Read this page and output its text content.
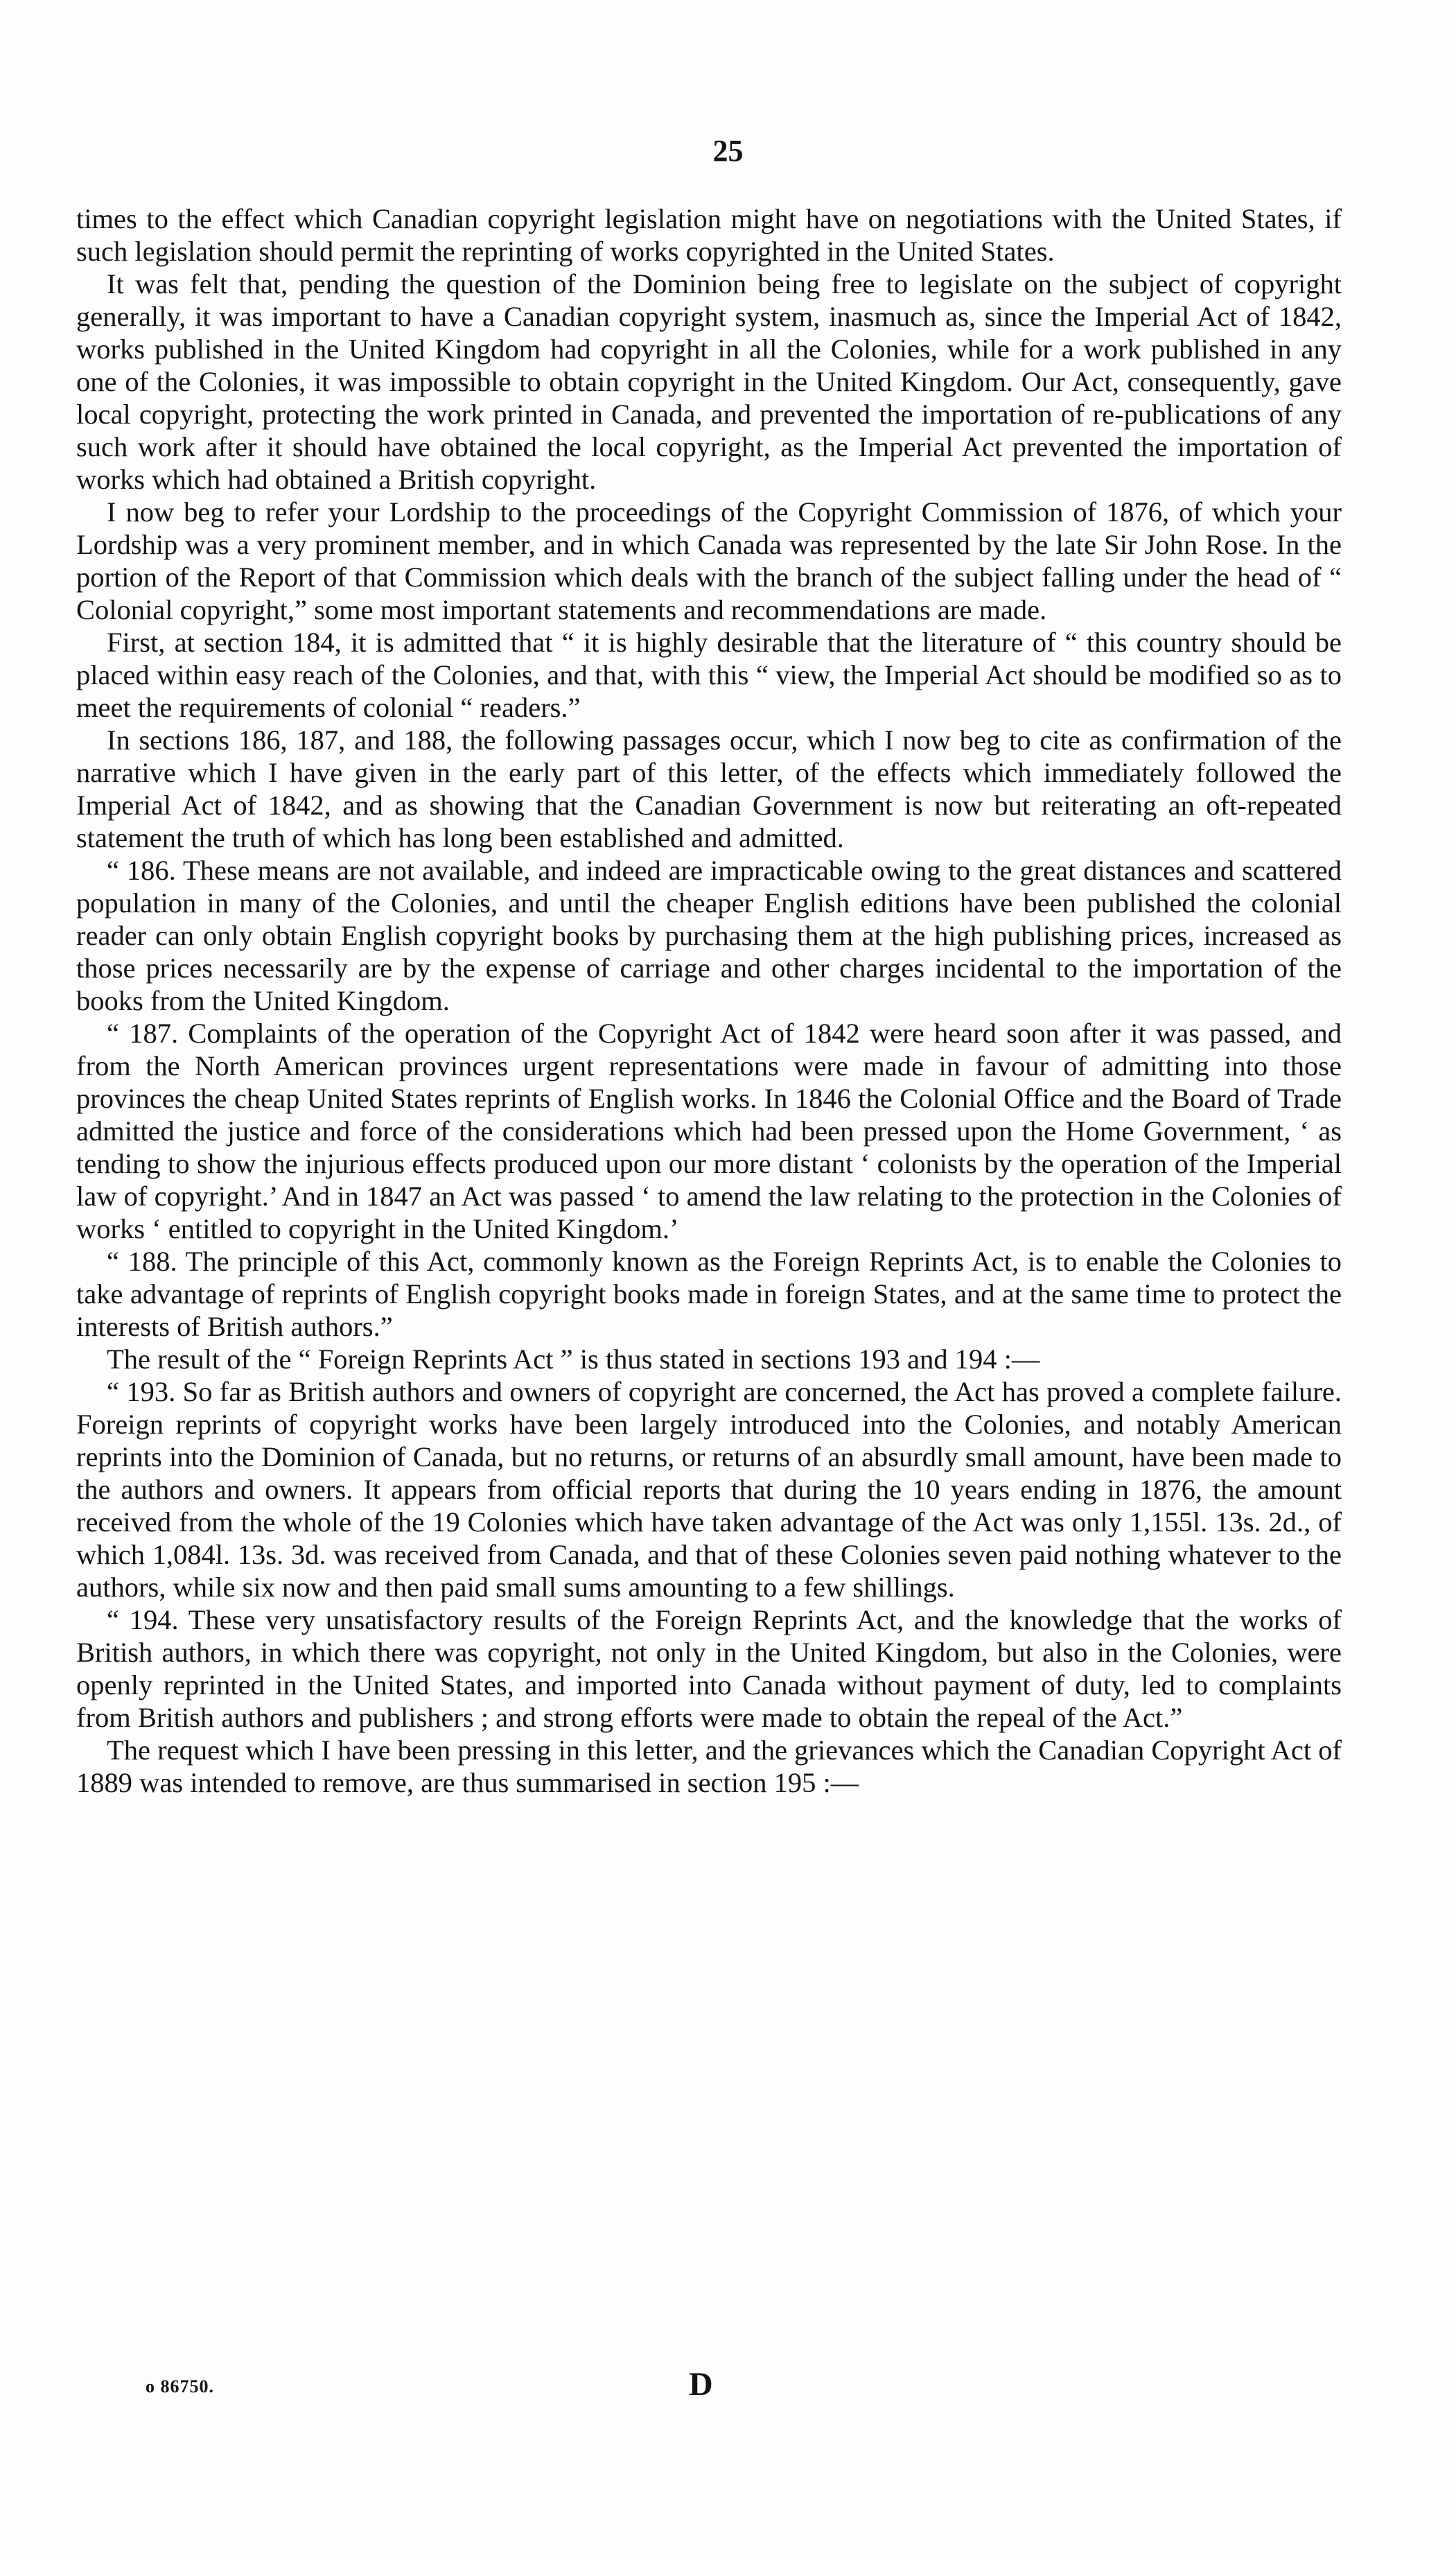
25

times to the effect which Canadian copyright legislation might have on negotiations with the United States, if such legislation should permit the reprinting of works copyrighted in the United States.

It was felt that, pending the question of the Dominion being free to legislate on the subject of copyright generally, it was important to have a Canadian copyright system, inasmuch as, since the Imperial Act of 1842, works published in the United Kingdom had copyright in all the Colonies, while for a work published in any one of the Colonies, it was impossible to obtain copyright in the United Kingdom. Our Act, consequently, gave local copyright, protecting the work printed in Canada, and prevented the importation of re-publications of any such work after it should have obtained the local copyright, as the Imperial Act prevented the importation of works which had obtained a British copyright.

I now beg to refer your Lordship to the proceedings of the Copyright Commission of 1876, of which your Lordship was a very prominent member, and in which Canada was represented by the late Sir John Rose. In the portion of the Report of that Commission which deals with the branch of the subject falling under the head of “ Colonial copyright,” some most important statements and recommendations are made.

First, at section 184, it is admitted that “ it is highly desirable that the literature of “ this country should be placed within easy reach of the Colonies, and that, with this “ view, the Imperial Act should be modified so as to meet the requirements of colonial “ readers.”

In sections 186, 187, and 188, the following passages occur, which I now beg to cite as confirmation of the narrative which I have given in the early part of this letter, of the effects which immediately followed the Imperial Act of 1842, and as showing that the Canadian Government is now but reiterating an oft-repeated statement the truth of which has long been established and admitted.

“ 186. These means are not available, and indeed are impracticable owing to the great distances and scattered population in many of the Colonies, and until the cheaper English editions have been published the colonial reader can only obtain English copyright books by purchasing them at the high publishing prices, increased as those prices necessarily are by the expense of carriage and other charges incidental to the importation of the books from the United Kingdom.

“ 187. Complaints of the operation of the Copyright Act of 1842 were heard soon after it was passed, and from the North American provinces urgent representations were made in favour of admitting into those provinces the cheap United States reprints of English works. In 1846 the Colonial Office and the Board of Trade admitted the justice and force of the considerations which had been pressed upon the Home Government, ‘ as tending to show the injurious effects produced upon our more distant ‘ colonists by the operation of the Imperial law of copyright.’ And in 1847 an Act was passed ‘ to amend the law relating to the protection in the Colonies of works ‘ entitled to copyright in the United Kingdom.’

“ 188. The principle of this Act, commonly known as the Foreign Reprints Act, is to enable the Colonies to take advantage of reprints of English copyright books made in foreign States, and at the same time to protect the interests of British authors.”

The result of the “ Foreign Reprints Act ” is thus stated in sections 193 and 194 :—

“ 193. So far as British authors and owners of copyright are concerned, the Act has proved a complete failure. Foreign reprints of copyright works have been largely introduced into the Colonies, and notably American reprints into the Dominion of Canada, but no returns, or returns of an absurdly small amount, have been made to the authors and owners. It appears from official reports that during the 10 years ending in 1876, the amount received from the whole of the 19 Colonies which have taken advantage of the Act was only 1,155l. 13s. 2d., of which 1,084l. 13s. 3d. was received from Canada, and that of these Colonies seven paid nothing whatever to the authors, while six now and then paid small sums amounting to a few shillings.

“ 194. These very unsatisfactory results of the Foreign Reprints Act, and the knowledge that the works of British authors, in which there was copyright, not only in the United Kingdom, but also in the Colonies, were openly reprinted in the United States, and imported into Canada without payment of duty, led to complaints from British authors and publishers ; and strong efforts were made to obtain the repeal of the Act.”

The request which I have been pressing in this letter, and the grievances which the Canadian Copyright Act of 1889 was intended to remove, are thus summarised in section 195 :—

o 86750.	D
